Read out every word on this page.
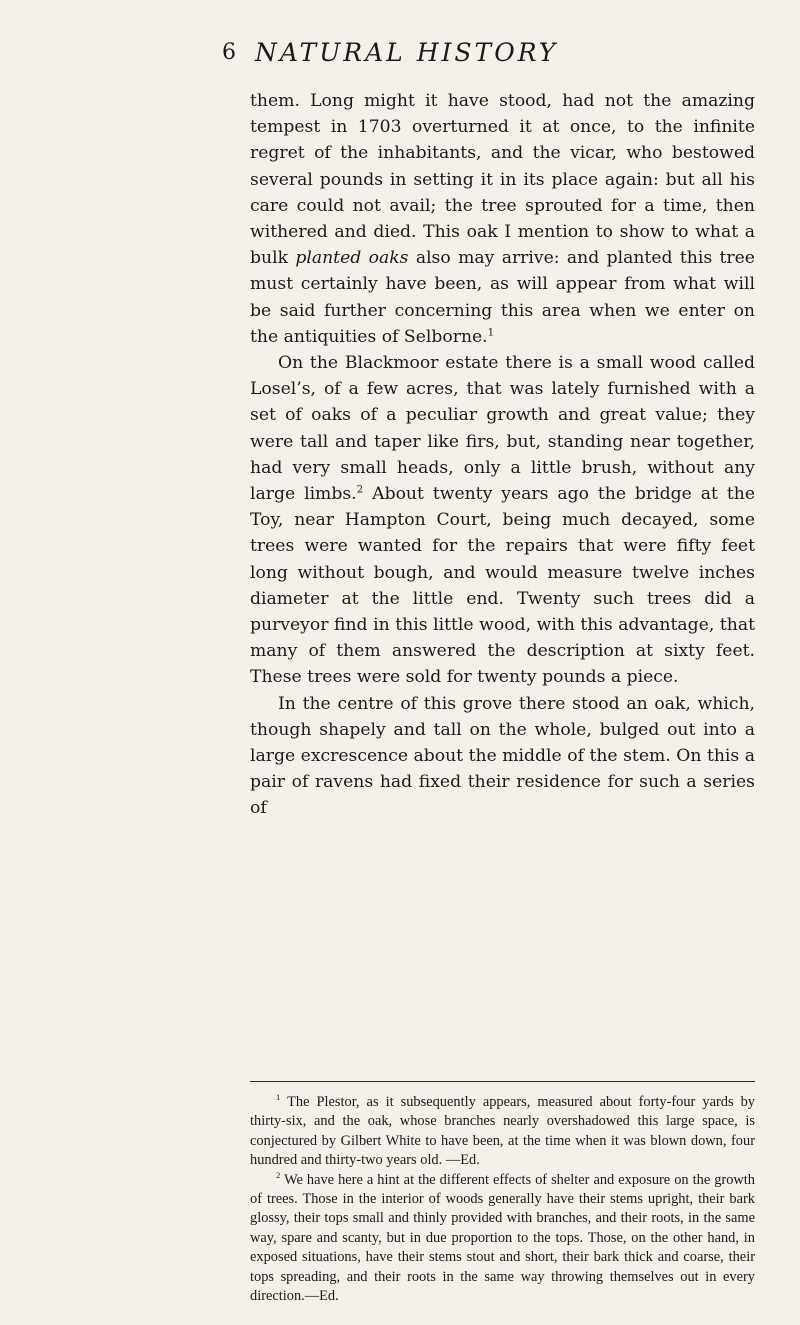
6 NATURAL HISTORY

them. Long might it have stood, had not the amazing tempest in 1703 overturned it at once, to the infinite regret of the inhabitants, and the vicar, who bestowed several pounds in setting it in its place again: but all his care could not avail; the tree sprouted for a time, then withered and died. This oak I mention to show to what a bulk planted oaks also may arrive: and planted this tree must certainly have been, as will appear from what will be said further concerning this area when we enter on the antiquities of Selborne.$^1$

On the Blackmoor estate there is a small wood called Losel’s, of a few acres, that was lately furnished with a set of oaks of a peculiar growth and great value; they were tall and taper like firs, but, standing near together, had very small heads, only a little brush, without any large limbs.$^2$ About twenty years ago the bridge at the Toy, near Hampton Court, being much decayed, some trees were wanted for the repairs that were fifty feet long without bough, and would measure twelve inches diameter at the little end. Twenty such trees did a purveyor find in this little wood, with this advantage, that many of them answered the description at sixty feet. These trees were sold for twenty pounds a piece.

In the centre of this grove there stood an oak, which, though shapely and tall on the whole, bulged out into a large excrescence about the middle of the stem. On this a pair of ravens had fixed their residence for such a series of

$^1$ The Plestor, as it subsequently appears, measured about forty-four yards by thirty-six, and the oak, whose branches nearly overshadowed this large space, is conjectured by Gilbert White to have been, at the time when it was blown down, four hundred and thirty-two years old. —Ed.

$^2$ We have here a hint at the different effects of shelter and exposure on the growth of trees. Those in the interior of woods generally have their stems upright, their bark glossy, their tops small and thinly provided with branches, and their roots, in the same way, spare and scanty, but in due proportion to the tops. Those, on the other hand, in exposed situations, have their stems stout and short, their bark thick and coarse, their tops spreading, and their roots in the same way throwing themselves out in every direction.—Ed.
